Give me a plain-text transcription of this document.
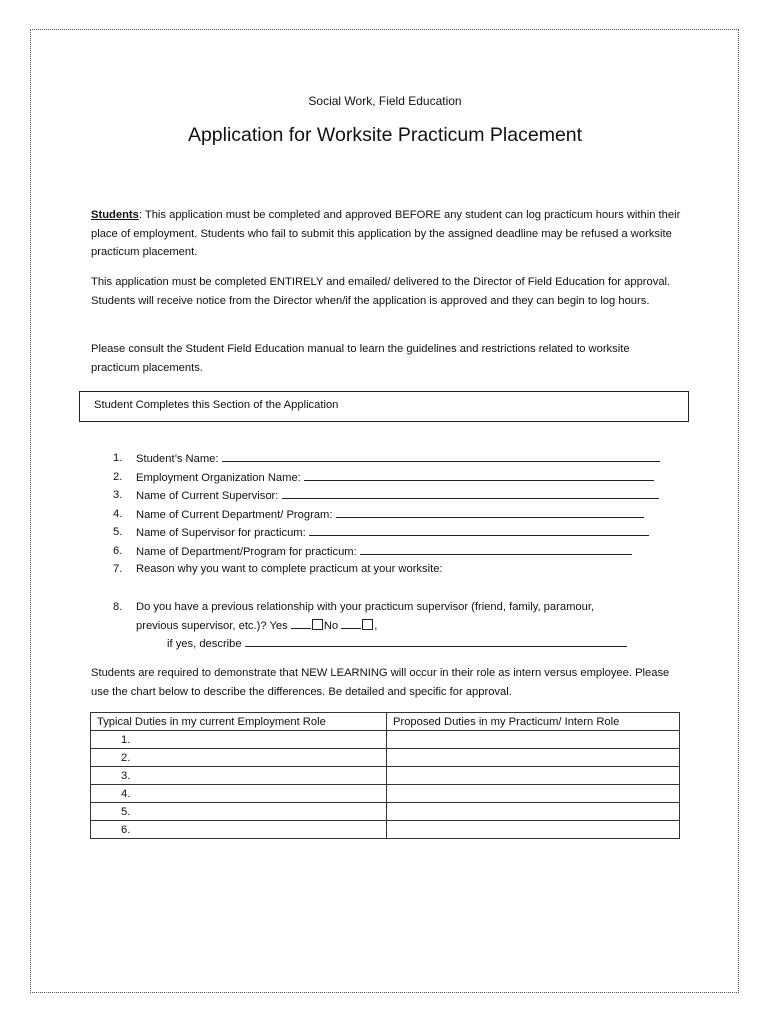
Social Work, Field Education
Application for Worksite Practicum Placement
Students: This application must be completed and approved BEFORE any student can log practicum hours within their place of employment. Students who fail to submit this application by the assigned deadline may be refused a worksite practicum placement.
This application must be completed ENTIRELY and emailed/ delivered to the Director of Field Education for approval. Students will receive notice from the Director when/if the application is approved and they can begin to log hours.
Please consult the Student Field Education manual to learn the guidelines and restrictions related to worksite practicum placements.
Student Completes this Section of the Application
1. Student’s Name:
2. Employment Organization Name:
3. Name of Current Supervisor:
4. Name of Current Department/ Program:
5. Name of Supervisor for practicum:
6. Name of Department/Program for practicum:
7. Reason why you want to complete practicum at your worksite:
8. Do you have a previous relationship with your practicum supervisor (friend, family, paramour,
previous supervisor, etc.)? Yes	No	,
if yes, describe
Students are required to demonstrate that NEW LEARNING will occur in their role as intern versus employee. Please use the chart below to describe the differences. Be detailed and specific for approval.
Typical Duties in my current Employment Role	Proposed Duties in my Practicum/ Intern Role
1.	
2.	
3.	
4.	
5.	
6.	
